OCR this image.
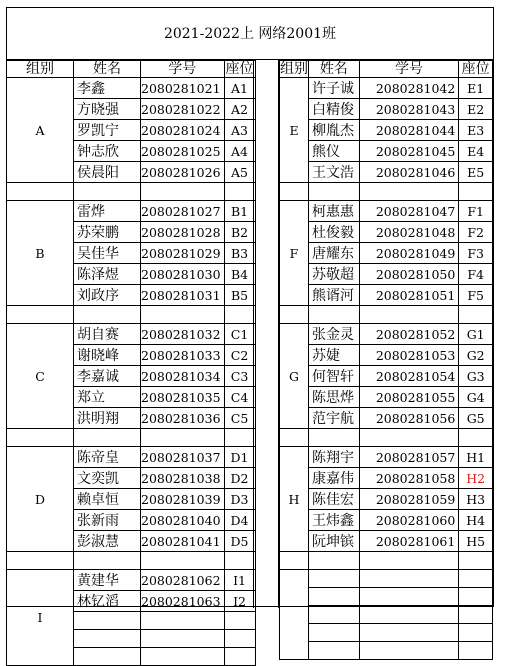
2021-2022上 网络2001班
组别	姓名	学号	座位
A	李鑫	2080281021	A1
	方晓强	2080281022	A2
	罗凯宁	2080281024	A3
	钟志欣	2080281025	A4
	侯晨阳	2080281026	A5

B	雷烨	2080281027	B1
	苏荣鹏	2080281028	B2
	吴佳华	2080281029	B3
	陈泽煜	2080281030	B4
	刘政序	2080281031	B5

C	胡自赛	2080281032	C1
	谢晓峰	2080281033	C2
	李嘉诚	2080281034	C3
	郑立	2080281035	C4
	洪明翔	2080281036	C5

D	陈帝皇	2080281037	D1
	文奕凯	2080281038	D2
	赖卓恒	2080281039	D3
	张新雨	2080281040	D4
	彭淑慧	2080281041	D5

I	黄建华	2080281062	I1
	林钇滔	2080281063	I2

组别	姓名	学号	座位
E	许子诚	2080281042	E1
	白精俊	2080281043	E2
	柳胤杰	2080281044	E3
	熊仪	2080281045	E4
	王文浩	2080281046	E5

F	柯惠惠	2080281047	F1
	杜俊毅	2080281048	F2
	唐耀东	2080281049	F3
	苏敬超	2080281050	F4
	熊谞河	2080281051	F5

G	张金灵	2080281052	G1
	苏婕	2080281053	G2
	何智轩	2080281054	G3
	陈思烨	2080281055	G4
	范宇航	2080281056	G5

H	陈翔宇	2080281057	H1
	康嘉伟	2080281058	H2
	陈佳宏	2080281059	H3
	王炜鑫	2080281060	H4
	阮坤镔	2080281061	H5
